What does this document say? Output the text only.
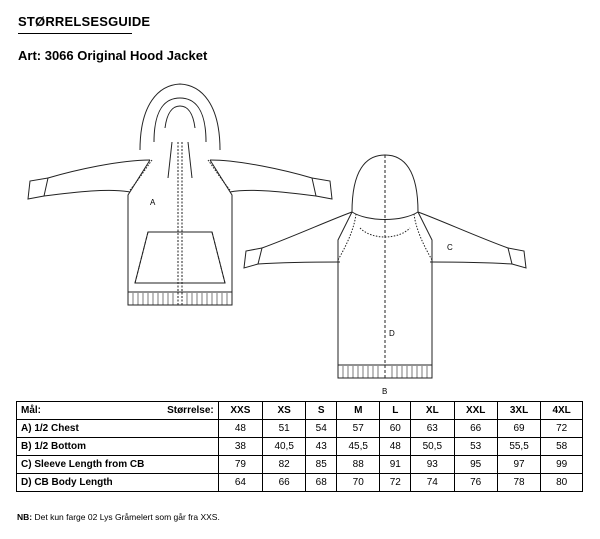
STØRRELSESGUIDE
Art: 3066 Original Hood Jacket
A
C
D
B
Mål: Størrelse:	XXS	XS	S	M	L	XL	XXL	3XL	4XL
A) 1/2 Chest	48	51	54	57	60	63	66	69	72
B) 1/2 Bottom	38	40,5	43	45,5	48	50,5	53	55,5	58
C) Sleeve Length from CB	79	82	85	88	91	93	95	97	99
D) CB Body Length	64	66	68	70	72	74	76	78	80
NB: Det kun farge 02 Lys Gråmelert som går fra XXS.
